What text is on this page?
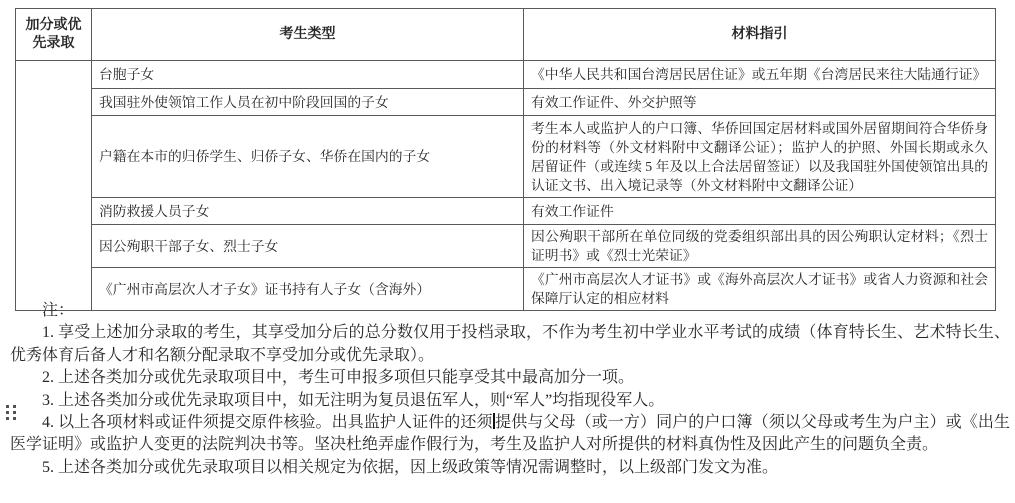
加分或优先录取	考生类型	材料指引
	台胞子女	《中华人民共和国台湾居民居住证》或五年期《台湾居民来往大陆通行证》
	我国驻外使领馆工作人员在初中阶段回国的子女	有效工作证件、外交护照等
	户籍在本市的归侨学生、归侨子女、华侨在国内的子女	考生本人或监护人的户口簿、华侨回国定居材料或国外居留期间符合华侨身份的材料等（外文材料附中文翻译公证）；监护人的护照、外国长期或永久居留证件（或连续 5 年及以上合法居留签证）以及我国驻外国使领馆出具的认证文书、出入境记录等（外文材料附中文翻译公证）
	消防救援人员子女	有效工作证件
	因公殉职干部子女、烈士子女	因公殉职干部所在单位同级的党委组织部出具的因公殉职认定材料；《烈士证明书》或《烈士光荣证》
	《广州市高层次人才子女》证书持有人子女（含海外）	《广州市高层次人才证书》或《海外高层次人才证书》或省人力资源和社会保障厅认定的相应材料

注：

1. 享受上述加分录取的考生，其享受加分后的总分数仅用于投档录取，不作为考生初中学业水平考试的成绩（体育特长生、艺术特长生、优秀体育后备人才和名额分配录取不享受加分或优先录取）。

2. 上述各类加分或优先录取项目中，考生可申报多项但只能享受其中最高加分一项。

3. 上述各类加分或优先录取项目中，如无注明为复员退伍军人，则“军人”均指现役军人。

4. 以上各项材料或证件须提交原件核验。出具监护人证件的还须 提供与父母（或一方）同户的户口簿（须以父母或考生为户主）或《出生医学证明》或监护人变更的法院判决书等。坚决杜绝弄虚作假行为，考生及监护人对所提供的材料真伪性及因此产生的问题负全责。

5. 上述各类加分或优先录取项目以相关规定为依据，因上级政策等情况需调整时，以上级部门发文为准。
